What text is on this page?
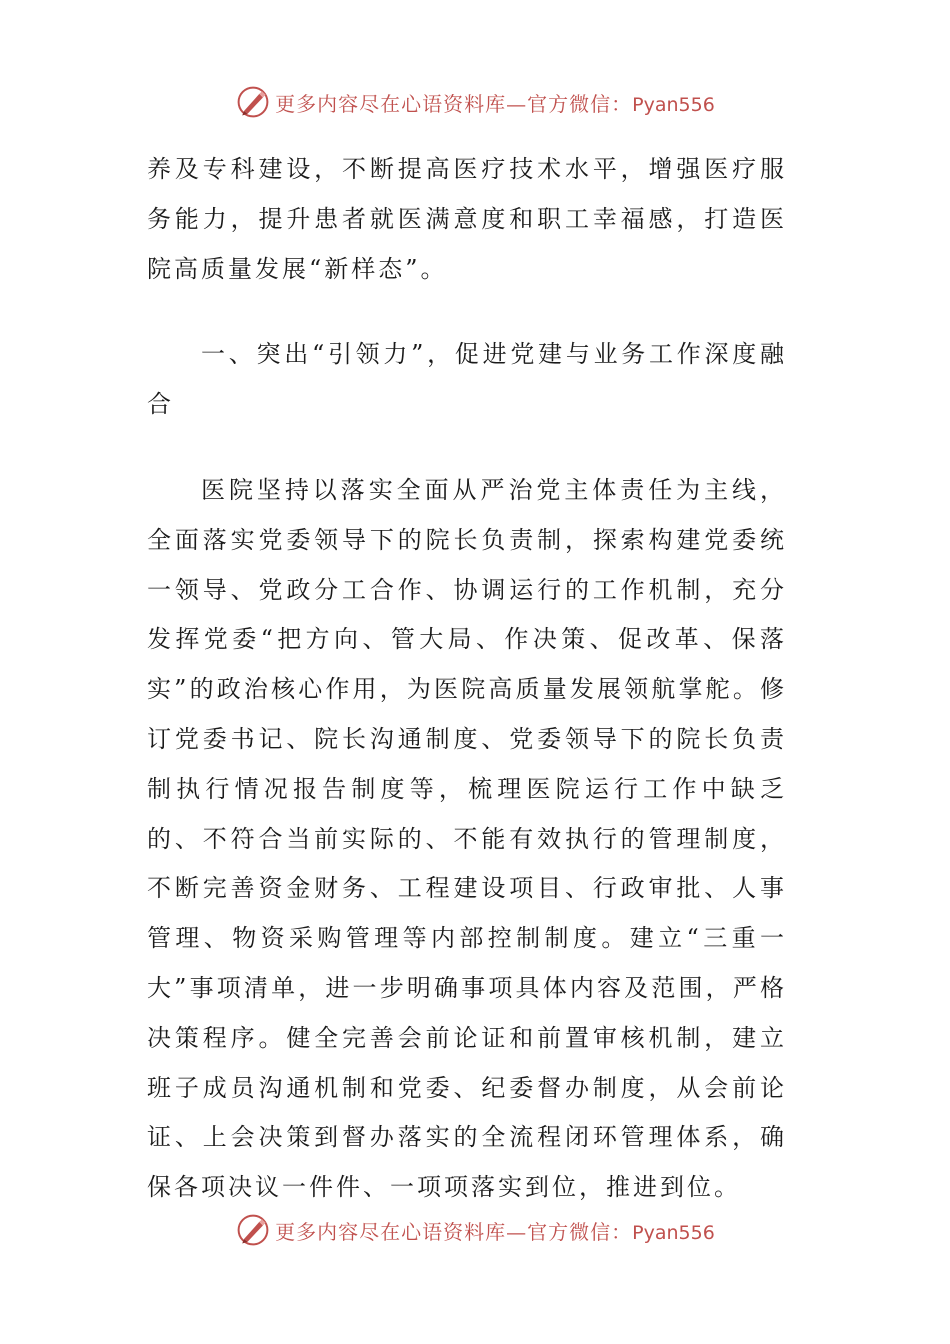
更多内容尽在心语资料库—官方微信：Pyan556

养及专科建设，不断提高医疗技术水平，增强医疗服务能力，提升患者就医满意度和职工幸福感，打造医院高质量发展“新样态”。

一、突出“引领力”，促进党建与业务工作深度融合

医院坚持以落实全面从严治党主体责任为主线，全面落实党委领导下的院长负责制，探索构建党委统一领导、党政分工合作、协调运行的工作机制，充分发挥党委“把方向、管大局、作决策、促改革、保落实”的政治核心作用，为医院高质量发展领航掌舵。修订党委书记、院长沟通制度、党委领导下的院长负责制执行情况报告制度等，梳理医院运行工作中缺乏的、不符合当前实际的、不能有效执行的管理制度，不断完善资金财务、工程建设项目、行政审批、人事管理、物资采购管理等内部控制制度。建立“三重一大”事项清单，进一步明确事项具体内容及范围，严格决策程序。健全完善会前论证和前置审核机制，建立班子成员沟通机制和党委、纪委督办制度，从会前论证、上会决策到督办落实的全流程闭环管理体系，确保各项决议一件件、一项项落实到位，推进到位。

更多内容尽在心语资料库—官方微信：Pyan556
